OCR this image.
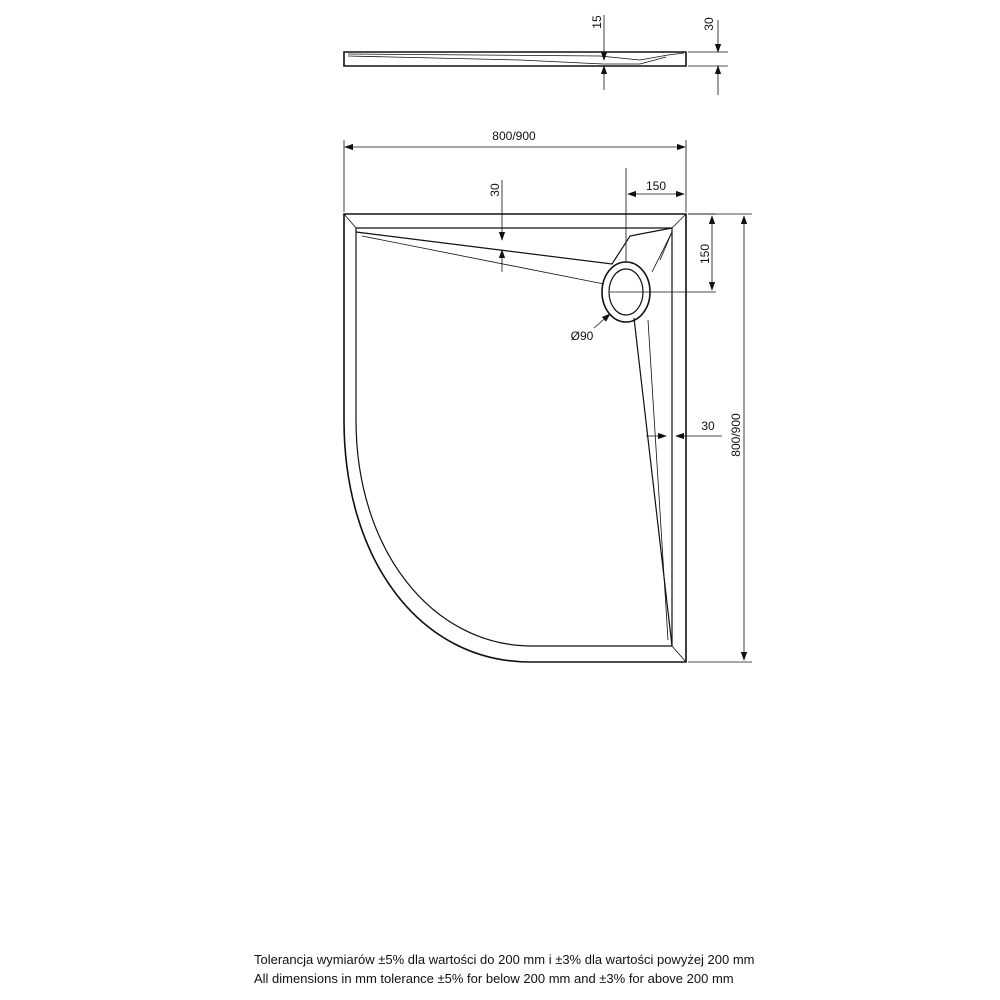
15	30
800/900
800/900
30	150
150
Ø90
30
Tolerancja wymiarów ±5% dla wartości do 200 mm i ±3% dla wartości powyżej 200 mm
All dimensions in mm tolerance ±5% for below 200 mm and ±3% for above 200 mm
